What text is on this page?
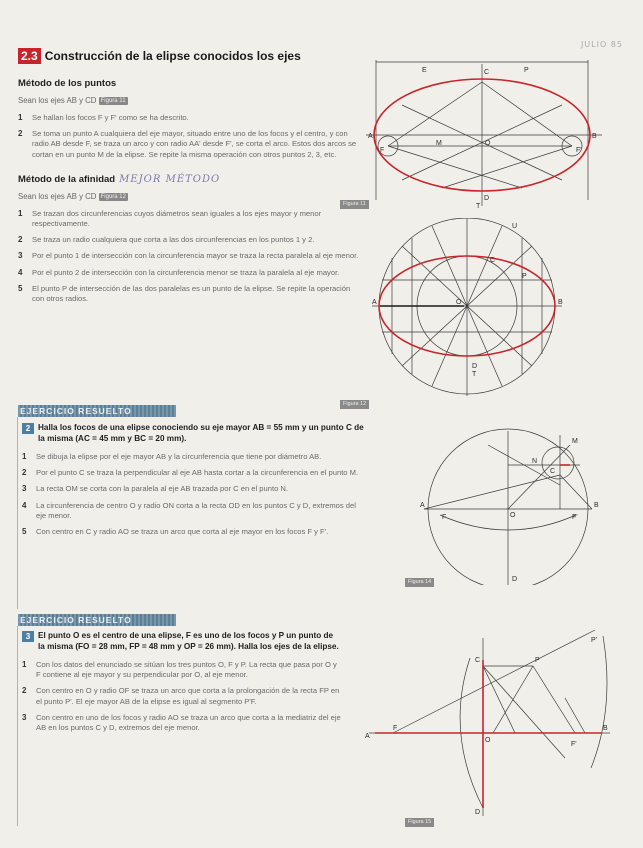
JULIO 85
2.3 Construcción de la elipse conocidos los ejes
Método de los puntos
Sean los ejes AB y CD Figura 11
1	Se hallan los focos F y F' como se ha descrito.
2	Se toma un punto A cualquiera del eje mayor, situado entre uno de los focos y el centro, y con radio AB desde F, se traza un arco y con radio AA' desde F', se corta el arco. Estos dos arcos se cortan en un punto M de la elipse. Se repite la misma operación con otros puntos 2, 3, etc.
Método de la afinidad MEJOR MÉTODO
Sean los ejes AB y CD Figura 12
1	Se trazan dos circunferencias cuyos diámetros sean iguales a los ejes mayor y menor respectivamente.
2	Se traza un radio cualquiera que corta a las dos circunferencias en los puntos 1 y 2.
3	Por el punto 1 de intersección con la circunferencia mayor se traza la recta paralela al eje menor.
4	Por el punto 2 de intersección con la circunferencia menor se traza la paralela al eje mayor.
5	El punto P de intersección de las dos paralelas es un punto de la elipse. Se repite la operación con otros radios.
A	B
C
D
F	F'
O
M
E	P
T
Figura 11
A	B
C
D
O
U
P
T
Figura 12
EJERCICIO RESUELTO
2 Halla los focos de una elipse conociendo su eje mayor AB = 55 mm y un punto C de la misma (AC = 45 mm y BC = 20 mm).
1	Se dibuja la elipse por el eje mayor AB y la circunferencia que tiene por diámetro AB.
2	Por el punto C se traza la perpendicular al eje AB hasta cortar a la circunferencia en el punto M.
3	La recta OM se corta con la paralela al eje AB trazada por C en el punto N.
4	La circunferencia de centro O y radio ON corta a la recta OD en los puntos C y D, extremos del eje menor.
5	Con centro en C y radio AO se traza un arco que corta al eje mayor en los focos F y F'.
A	B
C
D
O
F	F'
M
N
Figura 14
EJERCICIO RESUELTO
3 El punto O es el centro de una elipse, F es uno de los focos y P un punto de la misma (FO = 28 mm, FP = 48 mm y OP = 26 mm). Halla los ejes de la elipse.
1	Con los datos del enunciado se sitúan los tres puntos O, F y P. La recta que pasa por O y F contiene al eje mayor y su perpendicular por O, al eje menor.
2	Con centro en O y radio OF se traza un arco que corta a la prolongación de la recta FP en el punto P'. El eje mayor AB de la elipse es igual al segmento P'F.
3	Con centro en uno de los focos y radio AO se traza un arco que corta a la mediatriz del eje AB en los puntos C y D, extremos del eje menor.
A
B
C
D
O
F
F'
P
P'
Figura 15
